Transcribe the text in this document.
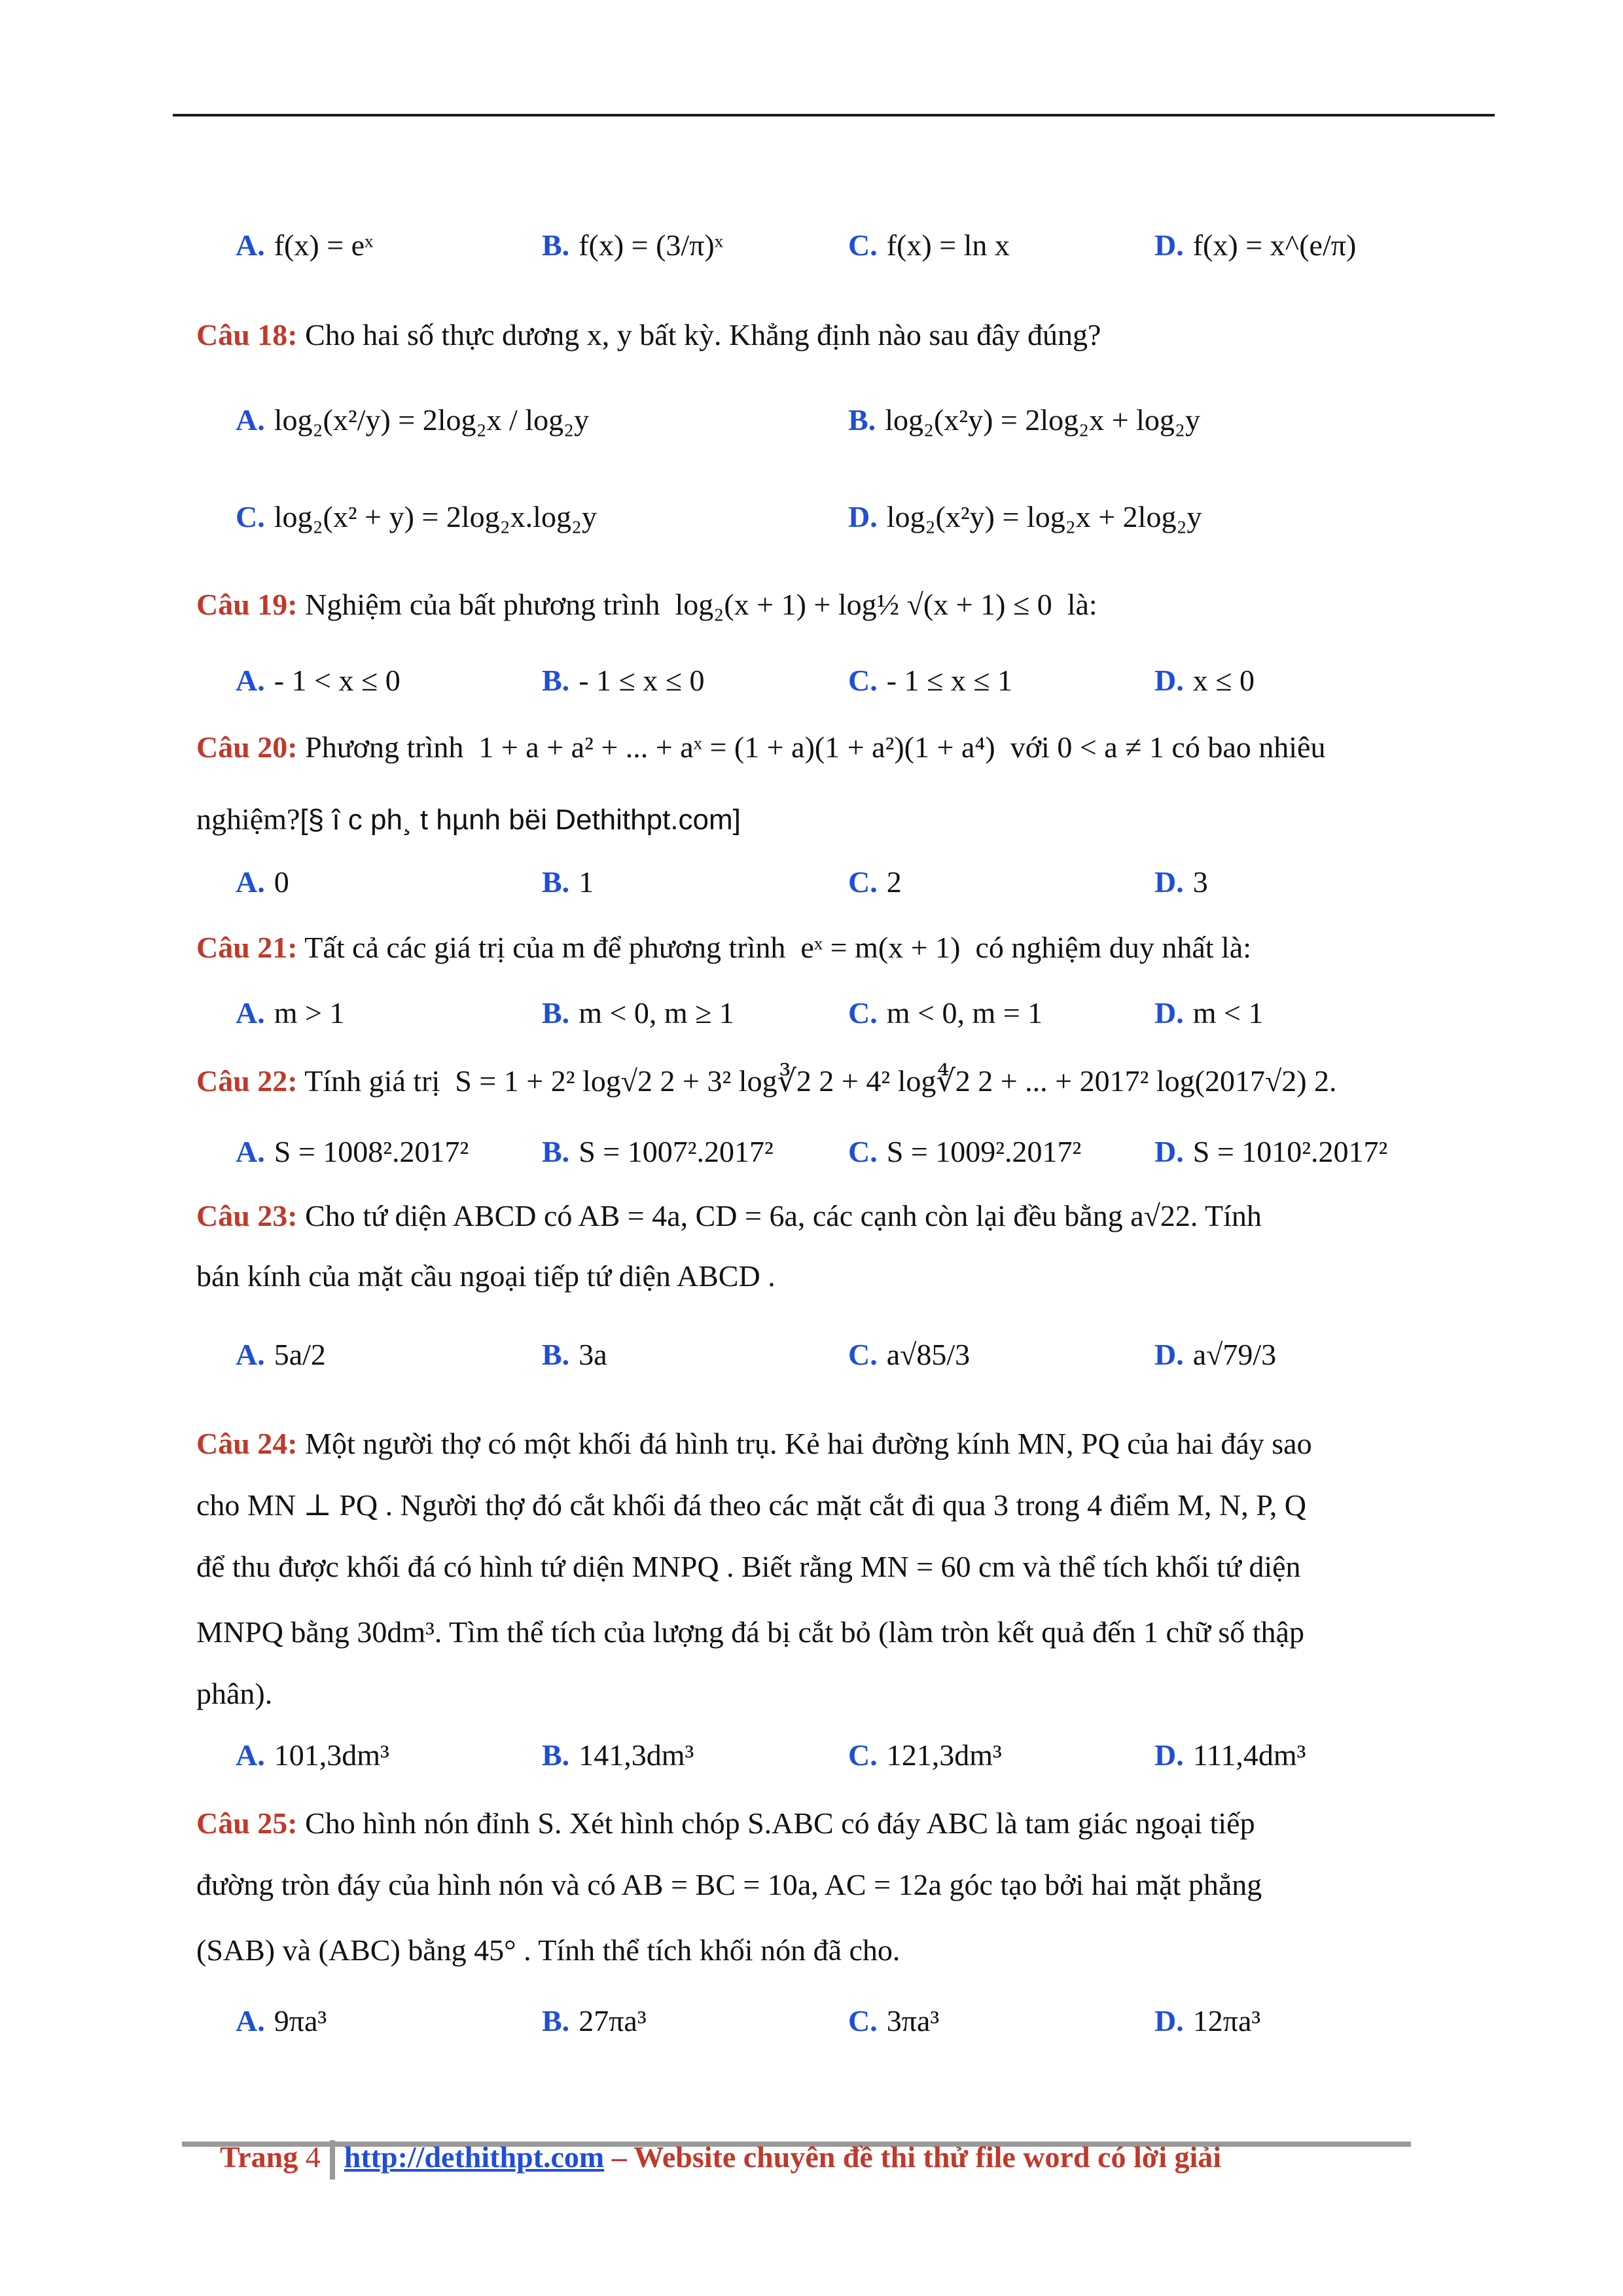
A. f(x) = eˣ	B. f(x) = (3/π)ˣ	C. f(x) = ln x	D. f(x) = x^(e/π)
Câu 18: Cho hai số thực dương x, y bất kỳ. Khẳng định nào sau đây đúng?
A. log₂(x²/y) = 2log₂x / log₂y	B. log₂(x²y) = 2log₂x + log₂y
C. log₂(x² + y) = 2log₂x.log₂y	D. log₂(x²y) = log₂x + 2log₂y
Câu 19: Nghiệm của bất phương trình log₂(x + 1) + log½ √(x + 1) ≤ 0 là:
A. - 1 < x ≤ 0	B. - 1 ≤ x ≤ 0	C. - 1 ≤ x ≤ 1	D. x ≤ 0
Câu 20: Phương trình 1 + a + a² + ... + aˣ = (1 + a)(1 + a²)(1 + a⁴) với 0 < a ≠ 1 có bao nhiêu
nghiệm?[§ î c ph¸ t hµnh bëi Dethithpt.com]
A. 0	B. 1	C. 2	D. 3
Câu 21: Tất cả các giá trị của m để phương trình eˣ = m(x + 1) có nghiệm duy nhất là:
A. m > 1	B. m < 0, m ≥ 1	C. m < 0, m = 1	D. m < 1
Câu 22: Tính giá trị S = 1 + 2² log√2 2 + 3² log∛2 2 + 4² log∜2 2 + ... + 2017² log(2017√2) 2.
A. S = 1008².2017² B. S = 1007².2017² C. S = 1009².2017² D. S = 1010².2017²
Câu 23: Cho tứ diện ABCD có AB = 4a, CD = 6a, các cạnh còn lại đều bằng a√22. Tính
bán kính của mặt cầu ngoại tiếp tứ diện ABCD .
A. 5a/2	B. 3a	C. a√85/3	D. a√79/3
Câu 24: Một người thợ có một khối đá hình trụ. Kẻ hai đường kính MN, PQ của hai đáy sao
cho MN ⊥ PQ . Người thợ đó cắt khối đá theo các mặt cắt đi qua 3 trong 4 điểm M, N, P, Q
để thu được khối đá có hình tứ diện MNPQ . Biết rằng MN = 60 cm và thể tích khối tứ diện
MNPQ bằng 30dm³. Tìm thể tích của lượng đá bị cắt bỏ (làm tròn kết quả đến 1 chữ số thập
phân).
A. 101,3dm³	B. 141,3dm³	C. 121,3dm³	D. 111,4dm³
Câu 25: Cho hình nón đỉnh S. Xét hình chóp S.ABC có đáy ABC là tam giác ngoại tiếp
đường tròn đáy của hình nón và có AB = BC = 10a, AC = 12a góc tạo bởi hai mặt phẳng
(SAB) và (ABC) bằng 45° . Tính thể tích khối nón đã cho.
A. 9πa³	B. 27πa³	C. 3πa³	D. 12πa³
Trang 4 http://dethithpt.com – Website chuyên đề thi thử file word có lời giải
